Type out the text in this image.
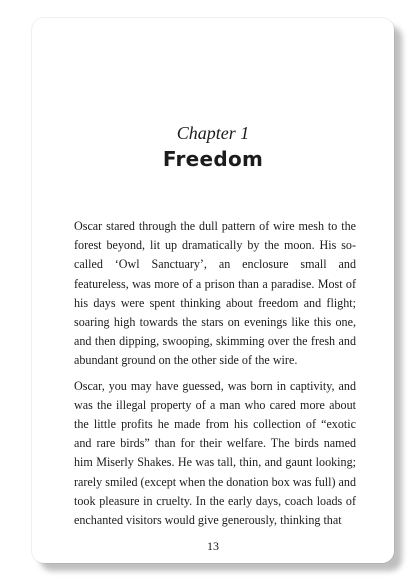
Chapter 1
Freedom

Oscar stared through the dull pattern of wire mesh to the forest beyond, lit up dramatically by the moon. His so-called ‘Owl Sanctuary’, an enclosure small and featureless, was more of a prison than a paradise. Most of his days were spent thinking about freedom and flight; soaring high towards the stars on evenings like this one, and then dipping, swooping, skimming over the fresh and abundant ground on the other side of the wire.

Oscar, you may have guessed, was born in captivity, and was the illegal property of a man who cared more about the little profits he made from his collection of “exotic and rare birds” than for their welfare. The birds named him Miserly Shakes. He was tall, thin, and gaunt looking; rarely smiled (except when the donation box was full) and took pleasure in cruelty. In the early days, coach loads of enchanted visitors would give generously, thinking that

13
